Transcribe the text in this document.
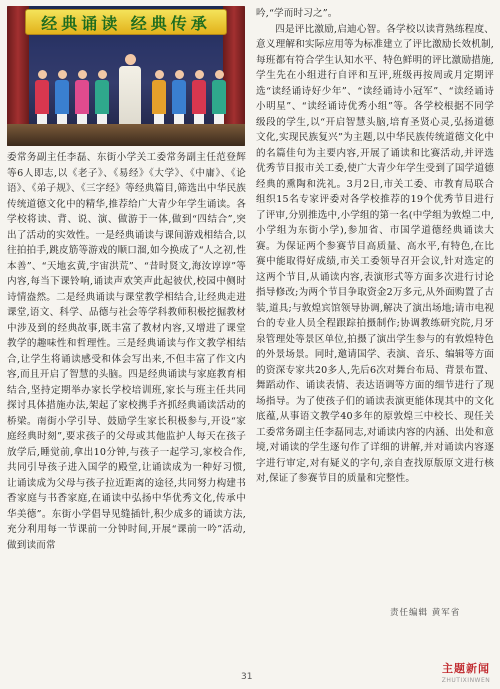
经典诵读 经典传承

委常务副主任李磊、东街小学关工委常务副主任范登辉等6人即志,以《老子》、《易经》《大学》、《中庸》、《论语》、《弟子规》、《三字经》等经典篇目,筛选出中华民族传统道德文化中的精华,推荐给广大青少年学生诵读。各学校将读、背、说、演、做游于一体,做到“四结合”,突出了活动的实效性。一是经典诵读与课间游戏相结合,以往拍拍手,跳皮筋等游戏的顺口溜,如今换成了“人之初,性本善”、“天地玄黄,宇宙洪荒”、“昔时贤文,海汝谆谆”等内容,每当下课铃响,诵读声欢笑声此起彼伏,校园中侧时诗情盎然。二是经典诵读与课堂教学相结合,让经典走进课堂,语文、科学、品德与社会等学科教师积极挖掘教材中涉及到的经典故事,既丰富了教材内容,又增进了课堂教学的趣味性和哲理性。三是经典诵读与作文教学相结合,让学生将诵读感受和体会写出来,不但丰富了作文内容,而且开启了智慧的头脑。四是经典诵读与家庭教育相结合,坚持定期举办家长学校培训班,家长与班主任共同探讨具体措施办法,架起了家校携手齐抓经典诵读活动的桥梁。南街小学引导、鼓励学生家长积极参与,开设“家庭经典时刻”,要求孩子的父母或其他监护人每天在孩子放学后,睡觉前,拿出10分钟,与孩子一起学习,家校合作,共同引导孩子进入国学的殿堂,让诵读成为一种好习惯,让诵读成为父母与孩子拉近距离的途径,共同努力构建书香家庭与书香家庭,在诵读中弘扬中华优秀文化,传承中华美德”。东街小学倡导见缝插针,积少成多的诵读方法,充分利用每一节课前一分钟时间,开展“课前一吟”活动,做到读而常

吟,“学而时习之”。

四是评比激励,启迪心智。各学校以读背熟练程度、意义理解和实际应用等为标准建立了评比激励长效机制,每班都有符合学生认知水平、特色鲜明的评比激励措施,学生先在小组进行自评和互评,班级再按周或月定期评选“读经诵诗好少年”、“读经诵诗小冠军”、“读经诵诗小明星”、“读经诵诗优秀小组”等。各学校根据不同学级段的学生,以“开启智慧头脑,培育圣贤心灵,弘扬道德文化,实现民族复兴”为主题,以中华民族传统道德文化中的名篇佳句为主要内容,开展了诵读和比赛活动,并评选优秀节目报市关工委,使广大青少年学生受到了国学道德经典的熏陶和洗礼。3月2日,市关工委、市教育局联合组织15名专家评委对各学校推荐的19个优秀节目进行了评审,分别推选中,小学组的第一名(中学组为敦煌二中,小学组为东街小学),参加省、市国学道德经典诵读大赛。为保证两个参赛节目高质量、高水平,有特色,在比赛中能取得好成绩,市关工委领导召开会议,针对选定的这两个节目,从诵读内容,表演形式等方面多次进行讨论指导修改;为两个节目争取资金2万多元,从外面购置了古装,道具;与敦煌宾馆领导协调,解决了演出场地;请市电视台的专业人员全程跟踪拍摄制作;协调教练研究院,月牙泉管理处等景区单位,拍摄了演出学生参与的有敦煌特色的外景场景。同时,邀请国学、表演、音乐、编辑等方面的资深专家共20多人,先后6次对舞台布局、背景布置、舞蹈动作、诵读表情、表达语调等方面的细节进行了现场指导。为了使孩子们的诵读表演更能体现其中的文化底蕴,从事语文教学40多年的原敦煌三中校长、现任关工委常务副主任李磊同志,对诵读内容的内涵、出处和意境,对诵读的学生逐句作了详细的讲解,并对诵读内容逐字进行审定,对有疑义的字句,亲自查找原版原文进行核对,保证了参赛节目的质量和完整性。

责任编辑 黄军省
31
主题新闻
ZHUTIXINWEN
